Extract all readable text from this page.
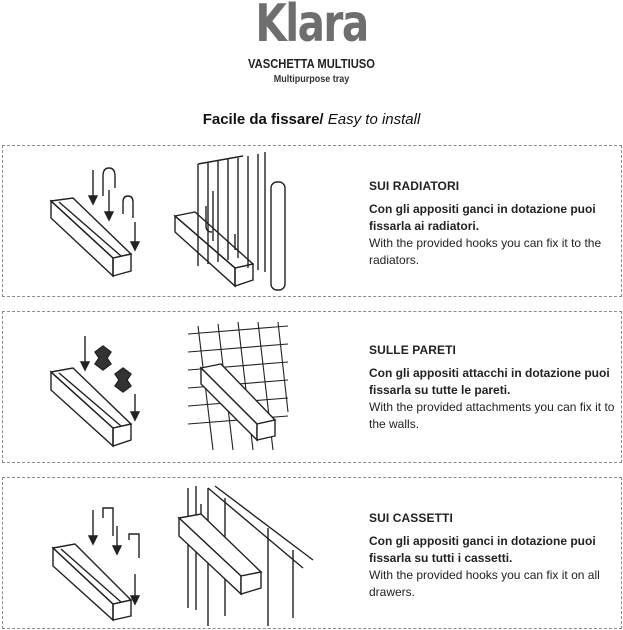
Klara
VASCHETTA MULTIUSO
Multipurpose tray
Facile da fissare/ Easy to install
SUI RADIATORI
Con gli appositi ganci in dotazione puoi fissarla ai radiatori.
With the provided hooks you can fix it to the radiators.
SULLE PARETI
Con gli appositi attacchi in dotazione puoi fissarla su tutte le pareti.
With the provided attachments you can fix it to the walls.
SUI CASSETTI
Con gli appositi ganci in dotazione puoi fissarla su tutti i cassetti.
With the provided hooks you can fix it on all drawers.
